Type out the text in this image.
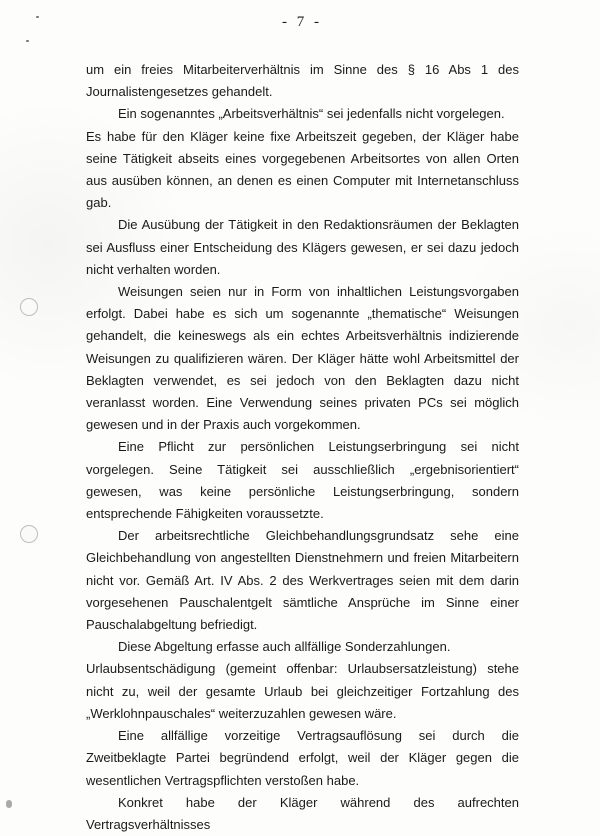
- 7 -

um ein freies Mitarbeiterverhältnis im Sinne des § 16 Abs 1 des Journalistengesetzes gehandelt.

Ein sogenanntes „Arbeitsverhältnis“ sei jedenfalls nicht vorgelegen.

Es habe für den Kläger keine fixe Arbeitszeit gegeben, der Kläger habe seine Tätigkeit abseits eines vorgegebenen Arbeitsortes von allen Orten aus ausüben können, an denen es einen Computer mit Internetanschluss gab.

Die Ausübung der Tätigkeit in den Redaktionsräumen der Beklagten sei Ausfluss einer Entscheidung des Klägers gewesen, er sei dazu jedoch nicht verhalten worden.

Weisungen seien nur in Form von inhaltlichen Leistungsvorgaben erfolgt. Dabei habe es sich um sogenannte „thematische“ Weisungen gehandelt, die keineswegs als ein echtes Arbeitsverhältnis indizierende Weisungen zu qualifizieren wären. Der Kläger hätte wohl Arbeitsmittel der Beklagten verwendet, es sei jedoch von den Beklagten dazu nicht veranlasst worden. Eine Verwendung seines privaten PCs sei möglich gewesen und in der Praxis auch vorgekommen.

Eine Pflicht zur persönlichen Leistungserbringung sei nicht vorgelegen. Seine Tätigkeit sei ausschließlich „ergebnisorientiert“ gewesen, was keine persönliche Leistungserbringung, sondern entsprechende Fähigkeiten voraussetzte.

Der arbeitsrechtliche Gleichbehandlungsgrundsatz sehe eine Gleichbehandlung von angestellten Dienstnehmern und freien Mitarbeitern nicht vor. Gemäß Art. IV Abs. 2 des Werkvertrages seien mit dem darin vorgesehenen Pauschalentgelt sämtliche Ansprüche im Sinne einer Pauschalabgeltung befriedigt.

Diese Abgeltung erfasse auch allfällige Sonderzahlungen.

Urlaubsentschädigung (gemeint offenbar: Urlaubsersatzleistung) stehe nicht zu, weil der gesamte Urlaub bei gleichzeitiger Fortzahlung des „Werklohnpauschales“ weiterzuzahlen gewesen wäre.

Eine allfällige vorzeitige Vertragsauflösung sei durch die Zweitbeklagte Partei begründend erfolgt, weil der Kläger gegen die wesentlichen Vertragspflichten verstoßen habe.

Konkret habe der Kläger während des aufrechten Vertragsverhältnisses
